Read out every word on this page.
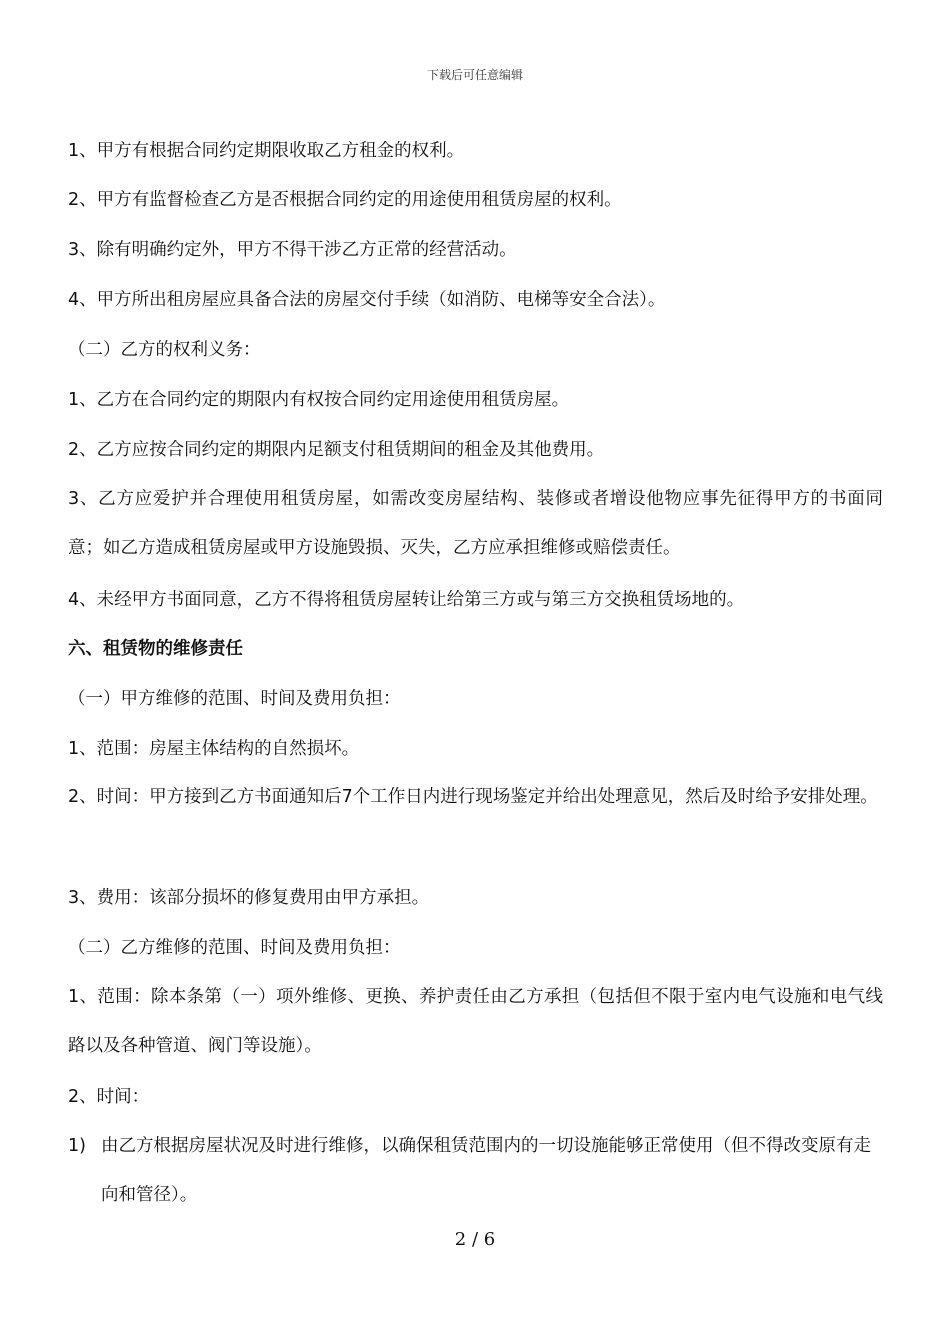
下载后可任意编辑
1、甲方有根据合同约定期限收取乙方租金的权利。
2、甲方有监督检查乙方是否根据合同约定的用途使用租赁房屋的权利。
3、除有明确约定外，甲方不得干涉乙方正常的经营活动。
4、甲方所出租房屋应具备合法的房屋交付手续（如消防、电梯等安全合法）。
（二）乙方的权利义务：
1、乙方在合同约定的期限内有权按合同约定用途使用租赁房屋。
2、乙方应按合同约定的期限内足额支付租赁期间的租金及其他费用。
3、乙方应爱护并合理使用租赁房屋，如需改变房屋结构、装修或者增设他物应事先征得甲方的书面同意；如乙方造成租赁房屋或甲方设施毁损、灭失，乙方应承担维修或赔偿责任。
4、未经甲方书面同意，乙方不得将租赁房屋转让给第三方或与第三方交换租赁场地的。
六、租赁物的维修责任
（一）甲方维修的范围、时间及费用负担：
1、范围：房屋主体结构的自然损坏。
2、时间：甲方接到乙方书面通知后7个工作日内进行现场鉴定并给出处理意见，然后及时给予安排处理。
3、费用：该部分损坏的修复费用由甲方承担。
（二）乙方维修的范围、时间及费用负担：
1、范围：除本条第（一）项外维修、更换、养护责任由乙方承担（包括但不限于室内电气设施和电气线路以及各种管道、阀门等设施）。
2、时间：
1) 由乙方根据房屋状况及时进行维修，以确保租赁范围内的一切设施能够正常使用（但不得改变原有走向和管径）。
2 / 6
